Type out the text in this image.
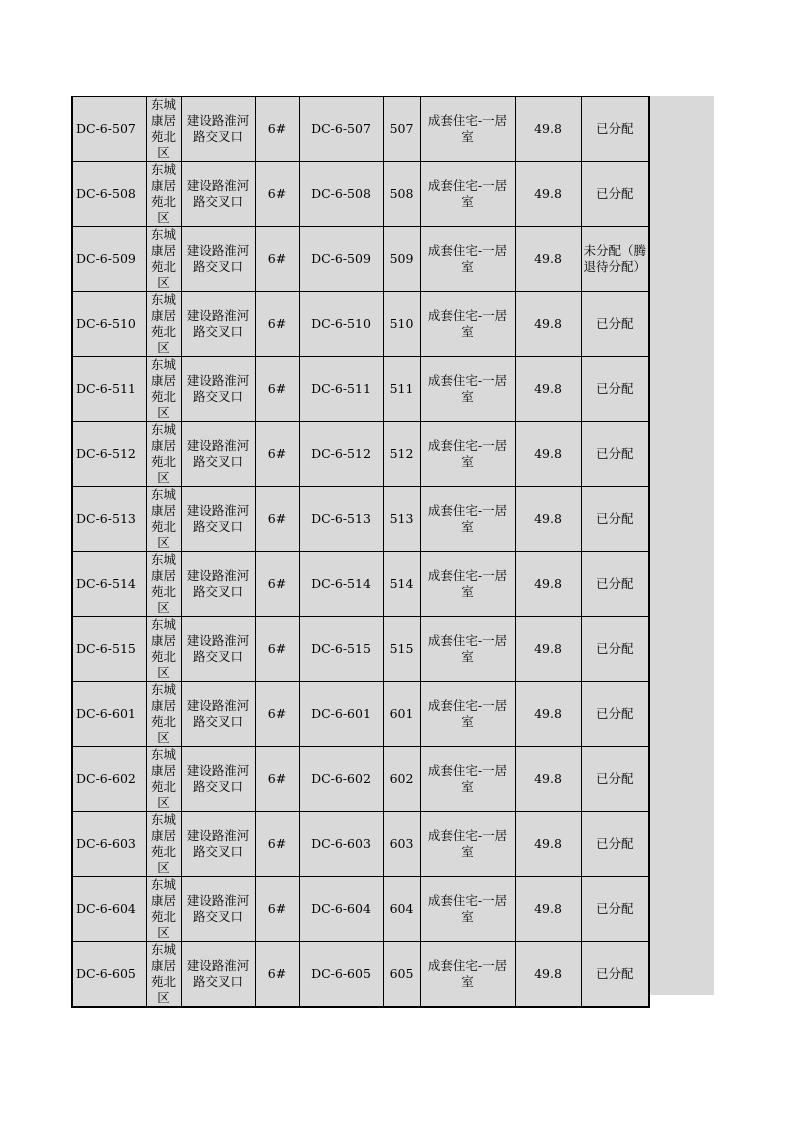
DC-6-507	东城康居苑北区	建设路淮河路交叉口	6#	DC-6-507	507	成套住宅-一居室	49.8	已分配
DC-6-508	东城康居苑北区	建设路淮河路交叉口	6#	DC-6-508	508	成套住宅-一居室	49.8	已分配
DC-6-509	东城康居苑北区	建设路淮河路交叉口	6#	DC-6-509	509	成套住宅-一居室	49.8	未分配（腾退待分配）
DC-6-510	东城康居苑北区	建设路淮河路交叉口	6#	DC-6-510	510	成套住宅-一居室	49.8	已分配
DC-6-511	东城康居苑北区	建设路淮河路交叉口	6#	DC-6-511	511	成套住宅-一居室	49.8	已分配
DC-6-512	东城康居苑北区	建设路淮河路交叉口	6#	DC-6-512	512	成套住宅-一居室	49.8	已分配
DC-6-513	东城康居苑北区	建设路淮河路交叉口	6#	DC-6-513	513	成套住宅-一居室	49.8	已分配
DC-6-514	东城康居苑北区	建设路淮河路交叉口	6#	DC-6-514	514	成套住宅-一居室	49.8	已分配
DC-6-515	东城康居苑北区	建设路淮河路交叉口	6#	DC-6-515	515	成套住宅-一居室	49.8	已分配
DC-6-601	东城康居苑北区	建设路淮河路交叉口	6#	DC-6-601	601	成套住宅-一居室	49.8	已分配
DC-6-602	东城康居苑北区	建设路淮河路交叉口	6#	DC-6-602	602	成套住宅-一居室	49.8	已分配
DC-6-603	东城康居苑北区	建设路淮河路交叉口	6#	DC-6-603	603	成套住宅-一居室	49.8	已分配
DC-6-604	东城康居苑北区	建设路淮河路交叉口	6#	DC-6-604	604	成套住宅-一居室	49.8	已分配
DC-6-605	东城康居苑北区	建设路淮河路交叉口	6#	DC-6-605	605	成套住宅-一居室	49.8	已分配
